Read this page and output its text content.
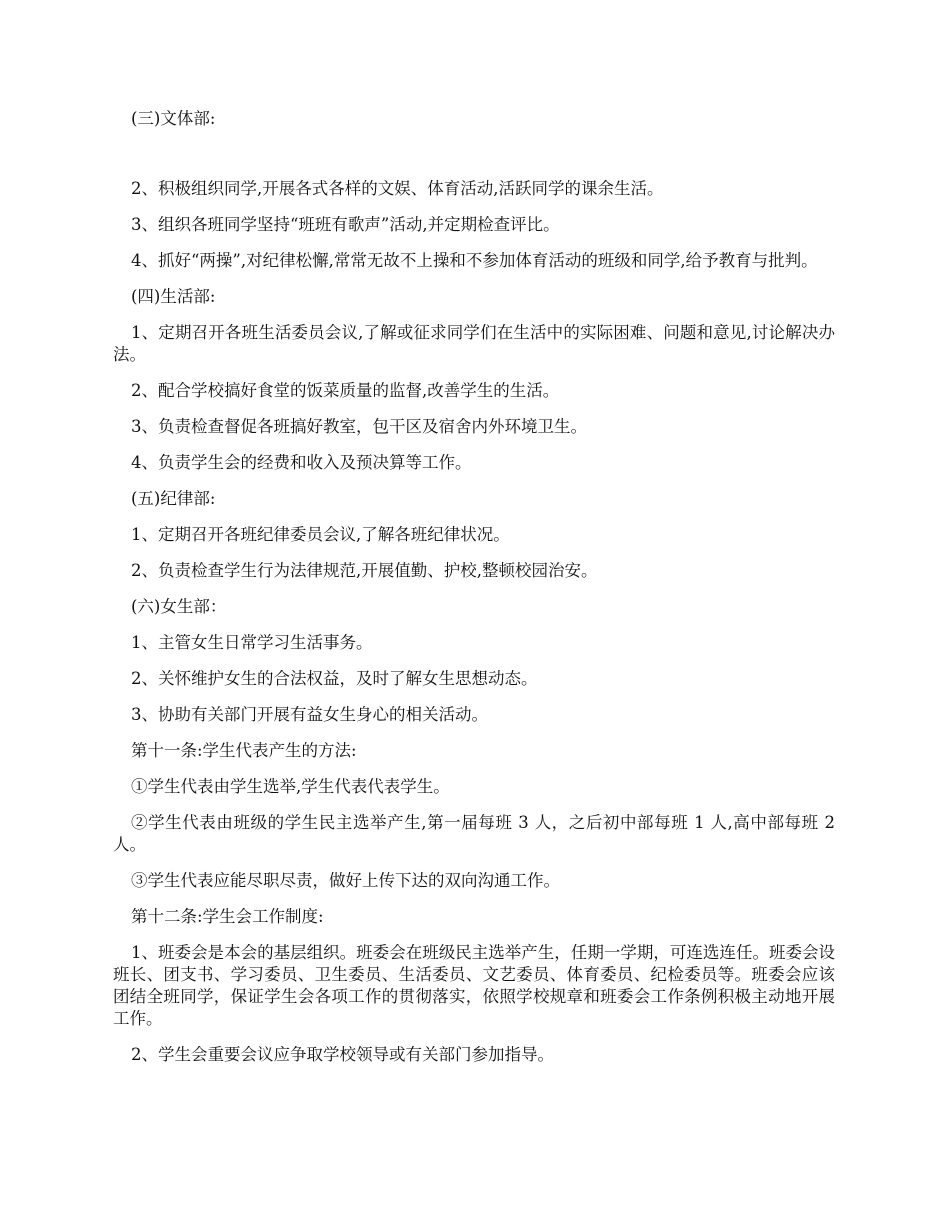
(三)文体部:

2、积极组织同学,开展各式各样的文娱、体育活动,活跃同学的课余生活。

3、组织各班同学坚持“班班有歌声”活动,并定期检查评比。

4、抓好“两操”,对纪律松懈,常常无故不上操和不参加体育活动的班级和同学,给予教育与批判。

(四)生活部:

1、定期召开各班生活委员会议,了解或征求同学们在生活中的实际困难、问题和意见,讨论解决办法。

2、配合学校搞好食堂的饭菜质量的监督,改善学生的生活。

3、负责检查督促各班搞好教室，包干区及宿舍内外环境卫生。

4、负责学生会的经费和收入及预决算等工作。

(五)纪律部:

1、定期召开各班纪律委员会议,了解各班纪律状况。

2、负责检查学生行为法律规范,开展值勤、护校,整顿校园治安。

(六)女生部：

1、主管女生日常学习生活事务。

2、关怀维护女生的合法权益，及时了解女生思想动态。

3、协助有关部门开展有益女生身心的相关活动。

第十一条:学生代表产生的方法:

①学生代表由学生选举,学生代表代表学生。

②学生代表由班级的学生民主选举产生,第一届每班 3 人，之后初中部每班 1 人,高中部每班 2 人。

③学生代表应能尽职尽责，做好上传下达的双向沟通工作。

第十二条:学生会工作制度:

1、班委会是本会的基层组织。班委会在班级民主选举产生，任期一学期，可连选连任。班委会设班长、团支书、学习委员、卫生委员、生活委员、文艺委员、体育委员、纪检委员等。班委会应该团结全班同学，保证学生会各项工作的贯彻落实，依照学校规章和班委会工作条例积极主动地开展工作。

2、学生会重要会议应争取学校领导或有关部门参加指导。
